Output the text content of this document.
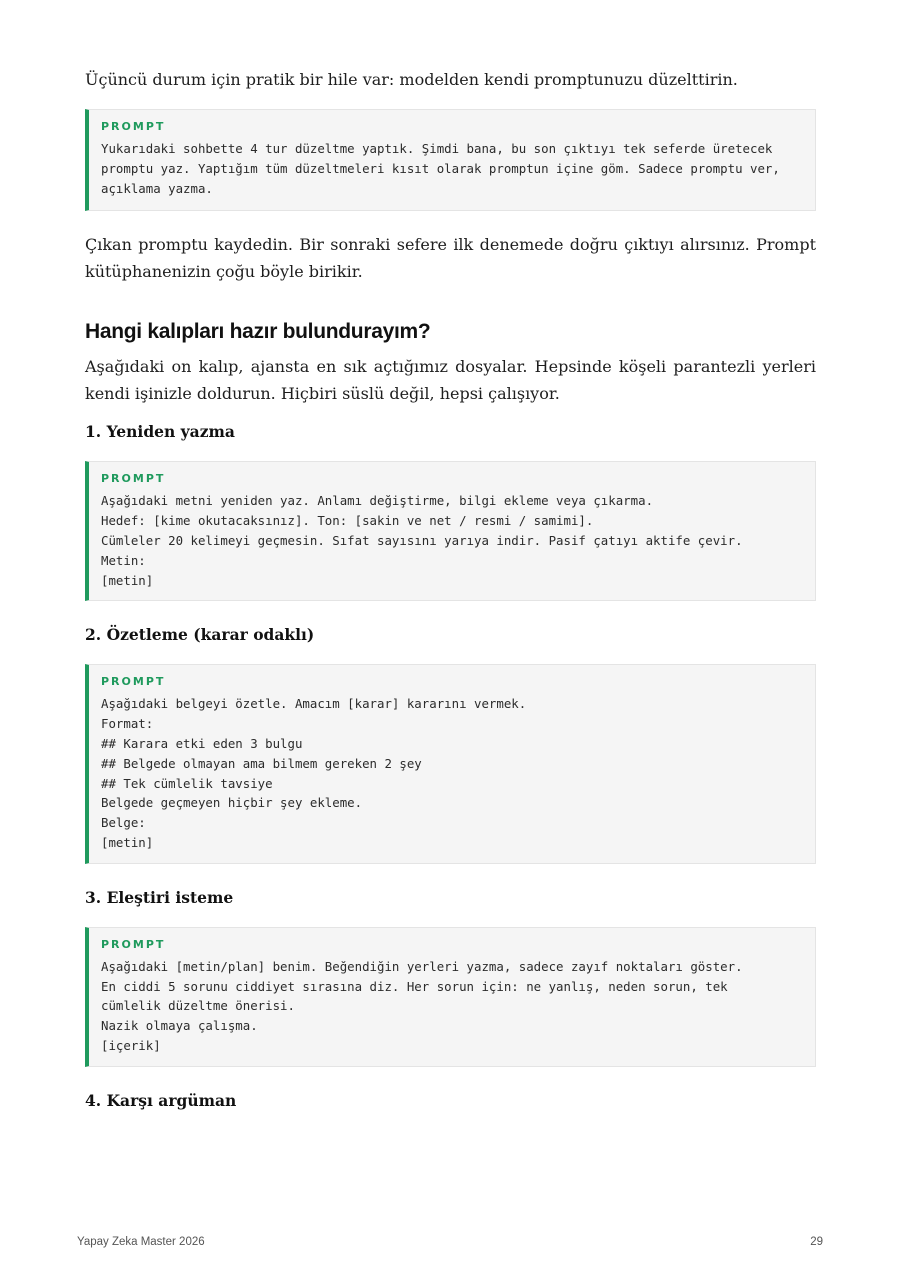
Üçüncü durum için pratik bir hile var: modelden kendi promptunuzu düzelttirin.

PROMPT
Yukarıdaki sohbette 4 tur düzeltme yaptık. Şimdi bana, bu son çıktıyı tek seferde üretecek promptu yaz. Yaptığım tüm düzeltmeleri kısıt olarak promptun içine göm. Sadece promptu ver, açıklama yazma.

Çıkan promptu kaydedin. Bir sonraki sefere ilk denemede doğru çıktıyı alırsınız. Prompt kütüphanenizin çoğu böyle birikir.

Hangi kalıpları hazır bulundurayım?

Aşağıdaki on kalıp, ajansta en sık açtığımız dosyalar. Hepsinde köşeli parantezli yerleri kendi işinizle doldurun. Hiçbiri süslü değil, hepsi çalışıyor.

1. Yeniden yazma
PROMPT
Aşağıdaki metni yeniden yaz. Anlamı değiştirme, bilgi ekleme veya çıkarma.
Hedef: [kime okutacaksınız]. Ton: [sakin ve net / resmi / samimi].
Cümleler 20 kelimeyi geçmesin. Sıfat sayısını yarıya indir. Pasif çatıyı aktife çevir.
Metin:
[metin]
2. Özetleme (karar odaklı)
PROMPT
Aşağıdaki belgeyi özetle. Amacım [karar] kararını vermek.
Format:
## Karara etki eden 3 bulgu
## Belgede olmayan ama bilmem gereken 2 şey
## Tek cümlelik tavsiye
Belgede geçmeyen hiçbir şey ekleme.
Belge:
[metin]
3. Eleştiri isteme
PROMPT
Aşağıdaki [metin/plan] benim. Beğendiğin yerleri yazma, sadece zayıf noktaları göster.
En ciddi 5 sorunu ciddiyet sırasına diz. Her sorun için: ne yanlış, neden sorun, tek
cümlelik düzeltme önerisi.
Nazik olmaya çalışma.
[içerik]
4. Karşı argüman
Yapay Zeka Master 2026	29
